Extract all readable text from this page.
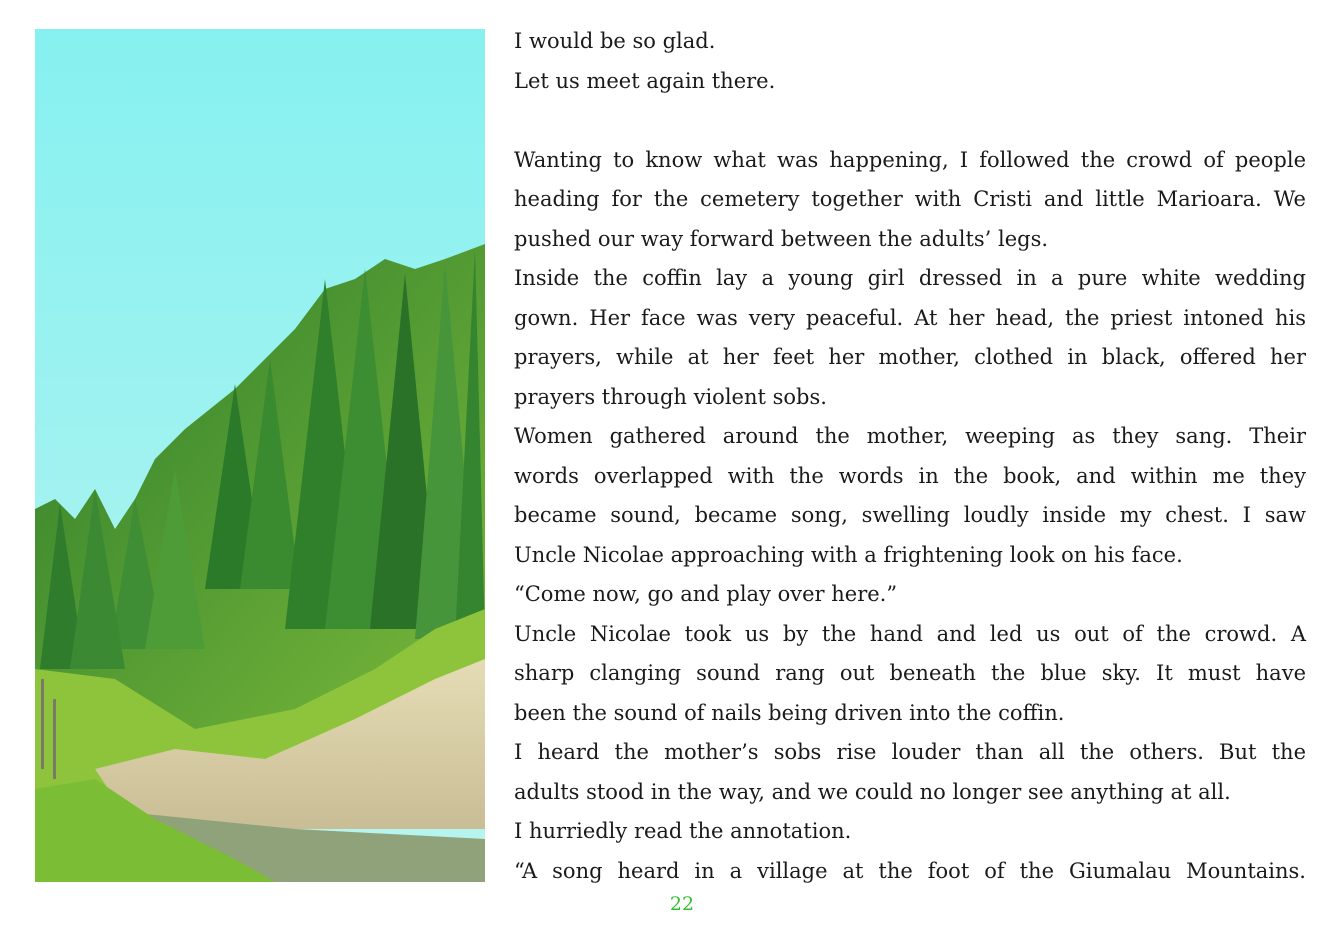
I would be so glad.
Let us meet again there.
Wanting to know what was happening, I followed the crowd of people
heading for the cemetery together with Cristi and little Marioara. We
pushed our way forward between the adults’ legs.
Inside the coffin lay a young girl dressed in a pure white wedding
gown. Her face was very peaceful. At her head, the priest intoned his
prayers, while at her feet her mother, clothed in black, offered her
prayers through violent sobs.
Women gathered around the mother, weeping as they sang. Their
words overlapped with the words in the book, and within me they
became sound, became song, swelling loudly inside my chest. I saw
Uncle Nicolae approaching with a frightening look on his face.
“Come now, go and play over here.”
Uncle Nicolae took us by the hand and led us out of the crowd. A
sharp clanging sound rang out beneath the blue sky. It must have
been the sound of nails being driven into the coffin.
I heard the mother’s sobs rise louder than all the others. But the
adults stood in the way, and we could no longer see anything at all.
I hurriedly read the annotation.
“A song heard in a village at the foot of the Giumalau Mountains.
22
